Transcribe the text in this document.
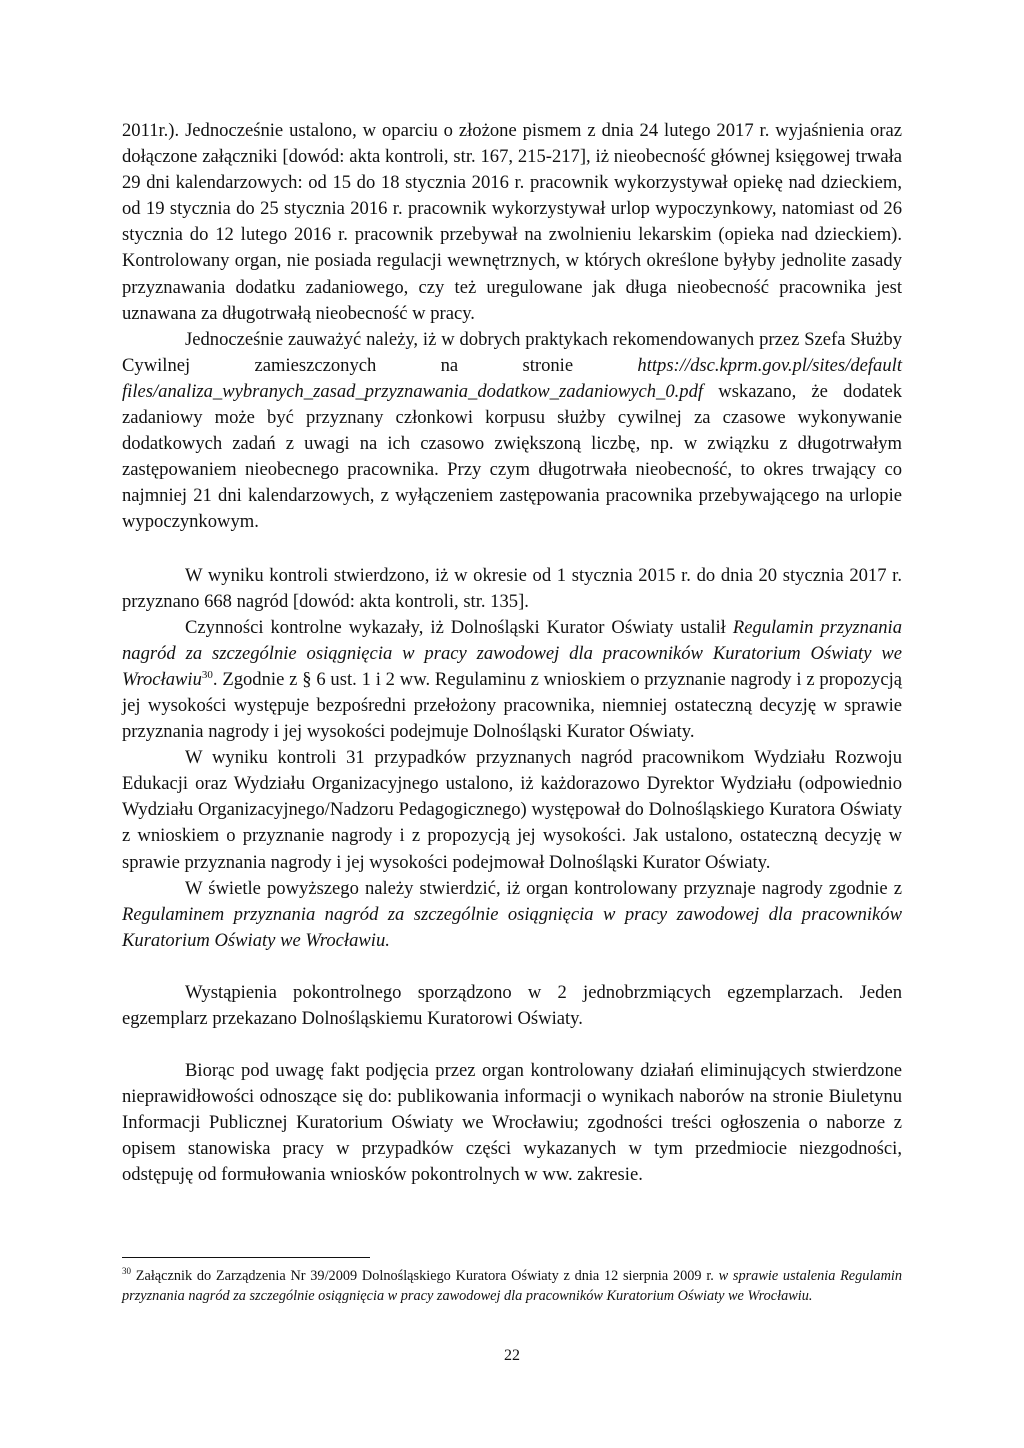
2011r.). Jednocześnie ustalono, w oparciu o złożone pismem z dnia 24 lutego 2017 r. wyjaśnienia oraz dołączone załączniki [dowód: akta kontroli, str. 167, 215-217], iż nieobecność głównej księgowej trwała 29 dni kalendarzowych: od 15 do 18 stycznia 2016 r. pracownik wykorzystywał opiekę nad dzieckiem, od 19 stycznia do 25 stycznia 2016 r. pracownik wykorzystywał urlop wypoczynkowy, natomiast od 26 stycznia do 12 lutego 2016 r. pracownik przebywał na zwolnieniu lekarskim (opieka nad dzieckiem). Kontrolowany organ, nie posiada regulacji wewnętrznych, w których określone byłyby jednolite zasady przyznawania dodatku zadaniowego, czy też uregulowane jak długa nieobecność pracownika jest uznawana za długotrwałą nieobecność w pracy.

Jednocześnie zauważyć należy, iż w dobrych praktykach rekomendowanych przez Szefa Służby Cywilnej zamieszczonych na stronie	https://dsc.kprm.gov.pl/sites/default files/analiza_wybranych_zasad_przyznawania_dodatkow_zadaniowych_0.pdf wskazano, że dodatek zadaniowy może być przyznany członkowi korpusu służby cywilnej za czasowe wykonywanie dodatkowych zadań z uwagi na ich czasowo zwiększoną liczbę, np. w związku z długotrwałym zastępowaniem nieobecnego pracownika. Przy czym długotrwała nieobecność, to okres trwający co najmniej 21 dni kalendarzowych, z wyłączeniem zastępowania pracownika przebywającego na urlopie wypoczynkowym.

W wyniku kontroli stwierdzono, iż w okresie od 1 stycznia 2015 r. do dnia 20 stycznia 2017 r. przyznano 668 nagród [dowód: akta kontroli, str. 135].

Czynności kontrolne wykazały, iż Dolnośląski Kurator Oświaty ustalił Regulamin przyznania nagród za szczególnie osiągnięcia w pracy zawodowej dla pracowników Kuratorium Oświaty we Wrocławiu$^{30}$. Zgodnie z § 6 ust. 1 i 2 ww. Regulaminu z wnioskiem o przyznanie nagrody i z propozycją jej wysokości występuje bezpośredni przełożony pracownika, niemniej ostateczną decyzję w sprawie przyznania nagrody i jej wysokości podejmuje Dolnośląski Kurator Oświaty.

W wyniku kontroli 31 przypadków przyznanych nagród pracownikom Wydziału Rozwoju Edukacji oraz Wydziału Organizacyjnego ustalono, iż każdorazowo Dyrektor Wydziału (odpowiednio Wydziału Organizacyjnego/Nadzoru Pedagogicznego) występował do Dolnośląskiego Kuratora Oświaty z wnioskiem o przyznanie nagrody i z propozycją jej wysokości. Jak ustalono, ostateczną decyzję w sprawie przyznania nagrody i jej wysokości podejmował Dolnośląski Kurator Oświaty.

W świetle powyższego należy stwierdzić, iż organ kontrolowany przyznaje nagrody zgodnie z Regulaminem przyznania nagród za szczególnie osiągnięcia w pracy zawodowej dla pracowników Kuratorium Oświaty we Wrocławiu.

Wystąpienia pokontrolnego sporządzono w 2 jednobrzmiących egzemplarzach. Jeden egzemplarz przekazano Dolnośląskiemu Kuratorowi Oświaty.

Biorąc pod uwagę fakt podjęcia przez organ kontrolowany działań eliminujących stwierdzone nieprawidłowości odnoszące się do: publikowania informacji o wynikach naborów na stronie Biuletynu Informacji Publicznej Kuratorium Oświaty we Wrocławiu; zgodności treści ogłoszenia o naborze z opisem stanowiska pracy w przypadków części wykazanych w tym przedmiocie niezgodności, odstępuję od formułowania wniosków pokontrolnych w ww. zakresie.

$^{30}$ Załącznik do Zarządzenia Nr 39/2009 Dolnośląskiego Kuratora Oświaty z dnia 12 sierpnia 2009 r. w sprawie ustalenia Regulamin przyznania nagród za szczególnie osiągnięcia w pracy zawodowej dla pracowników Kuratorium Oświaty we Wrocławiu.
22
